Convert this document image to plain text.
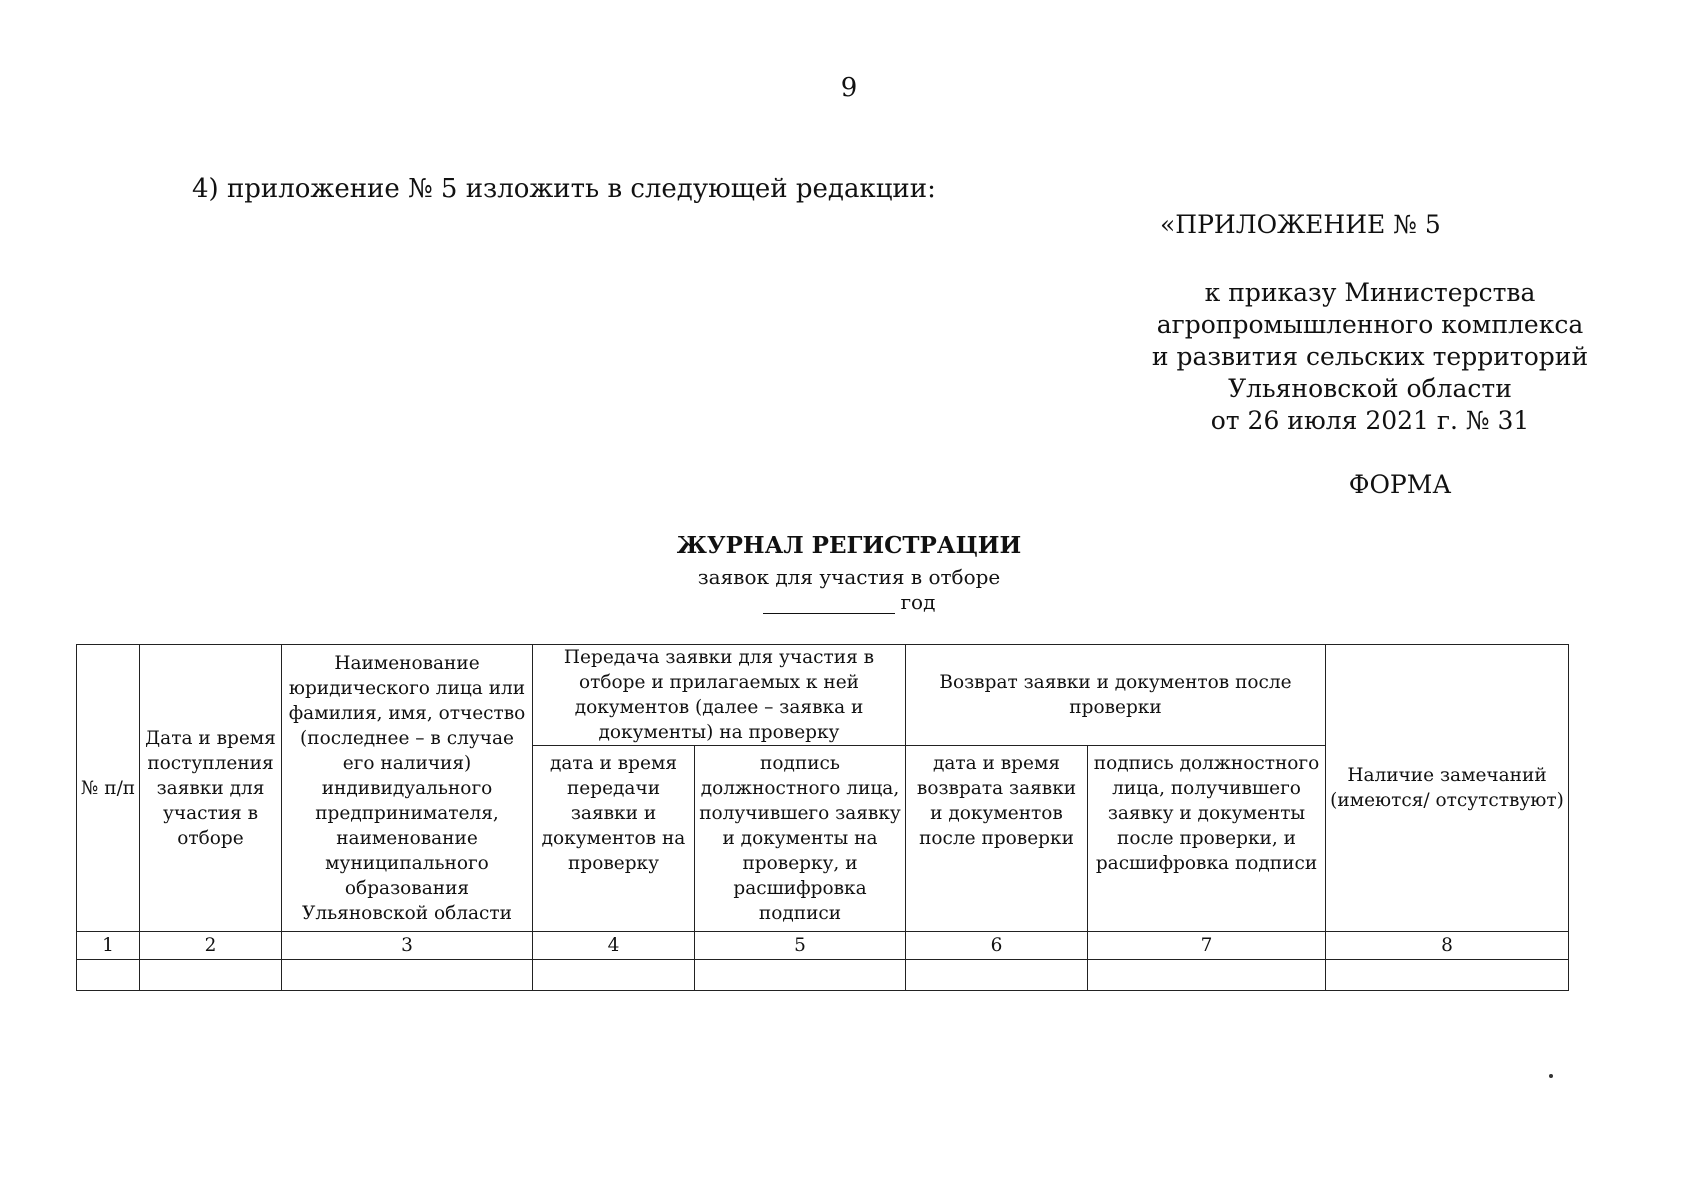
9
4) приложение № 5 изложить в следующей редакции:
«ПРИЛОЖЕНИЕ № 5
к приказу Министерства
агропромышленного комплекса
и развития сельских территорий
Ульяновской области
от 26 июля 2021 г. № 31
ФОРМА
ЖУРНАЛ РЕГИСТРАЦИИ
заявок для участия в отборе
год
№ п/п	Дата и время поступления заявки для участия в отборе	Наименование юридического лица или фамилия, имя, отчество (последнее – в случае его наличия) индивидуального предпринимателя, наименование муниципального образования Ульяновской области	Передача заявки для участия в отборе и прилагаемых к ней документов (далее – заявка и документы) на проверку		Возврат заявки и документов после проверки		Наличие замечаний (имеются/ отсутствуют)
			дата и время передачи заявки и документов на проверку	подпись должностного лица, получившего заявку и документы на проверку, и расшифровка подписи	дата и время возврата заявки и документов после проверки	подпись должностного лица, получившего заявку и документы после проверки, и расшифровка подписи	
1	2	3	4	5	6	7	8
